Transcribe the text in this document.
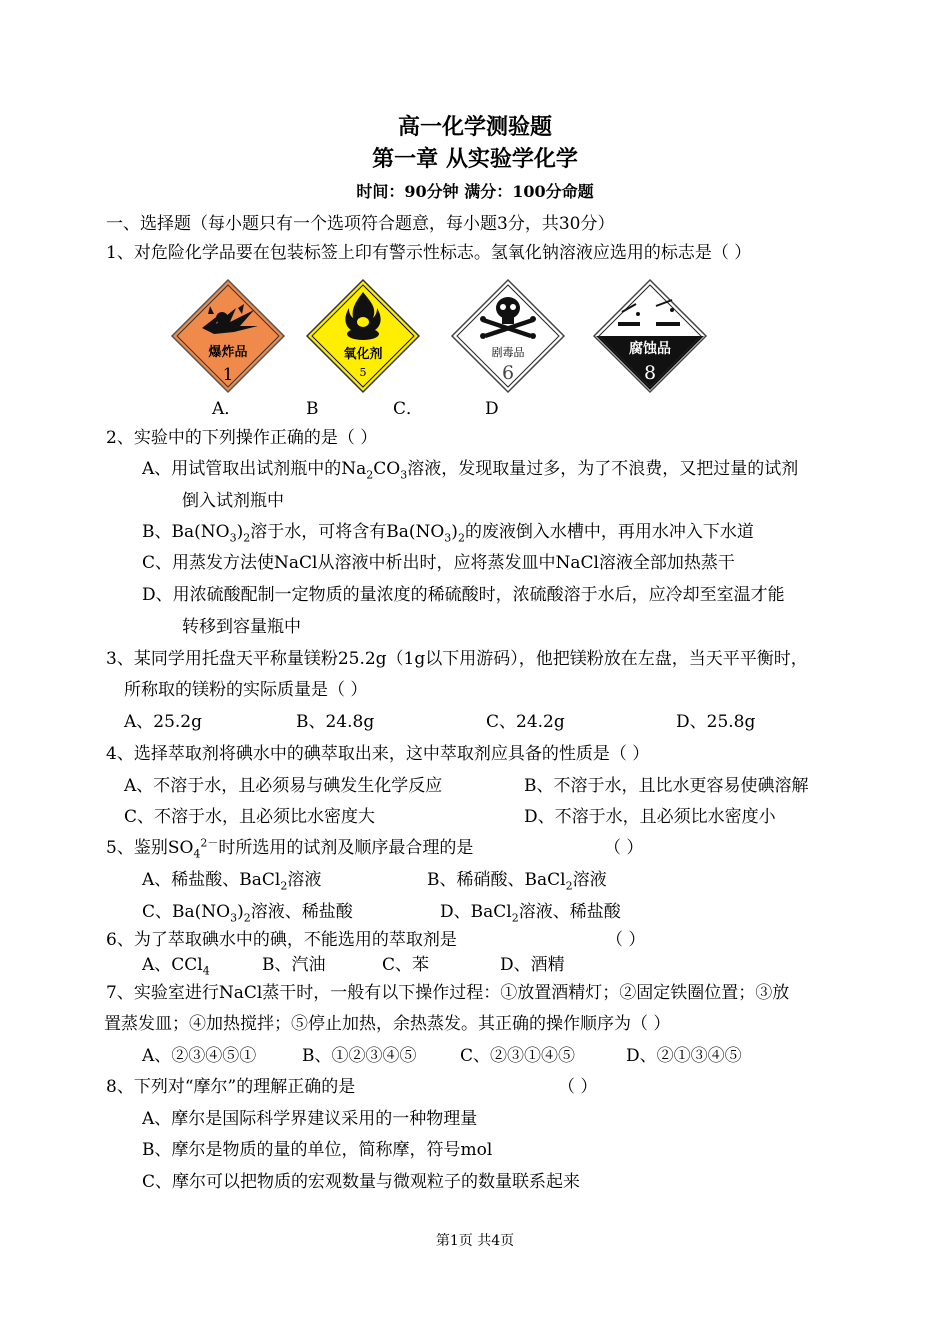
高一化学测验题
第一章 从实验学化学
时间：90分钟 满分：100分命题
一、选择题（每小题只有一个选项符合题意，每小题3分，共30分）
1、对危险化学品要在包装标签上印有警示性标志。氢氧化钠溶液应选用的标志是（ ）
爆炸品
1
氧化剂
5
剧毒品
6
腐蚀品
8
A．	B	C．	D
2、实验中的下列操作正确的是（ ）
A、用试管取出试剂瓶中的$Na_2CO_3$溶液，发现取量过多，为了不浪费，又把过量的试剂
倒入试剂瓶中
B、$Ba(NO_3)_2$溶于水，可将含有$Ba(NO_3)_2$的废液倒入水槽中，再用水冲入下水道
C、用蒸发方法使NaCl从溶液中析出时，应将蒸发皿中NaCl溶液全部加热蒸干
D、用浓硫酸配制一定物质的量浓度的稀硫酸时，浓硫酸溶于水后，应冷却至室温才能
转移到容量瓶中
3、某同学用托盘天平称量镁粉25.2g（1g以下用游码），他把镁粉放在左盘，当天平平衡时，
所称取的镁粉的实际质量是（ ）
A、25.2g	B、24.8g	C、24.2g	D、25.8g
4、选择萃取剂将碘水中的碘萃取出来，这中萃取剂应具备的性质是（ ）
A、不溶于水，且必须易与碘发生化学反应	B、不溶于水，且比水更容易使碘溶解
C、不溶于水，且必须比水密度大	D、不溶于水，且必须比水密度小
5、鉴别$SO_4^{2-}$时所选用的试剂及顺序最合理的是	（ ）
A、稀盐酸、BaCl$_2$溶液	B、稀硝酸、BaCl$_2$溶液
C、$Ba(NO_3)_2$溶液、稀盐酸	D、BaCl$_2$溶液、稀盐酸
6、为了萃取碘水中的碘，不能选用的萃取剂是	（ ）
A、CCl$_4$	B、汽油	C、苯	D、酒精
7、实验室进行NaCl蒸干时，一般有以下操作过程：①放置酒精灯；②固定铁圈位置；③放
置蒸发皿；④加热搅拌；⑤停止加热，余热蒸发。其正确的操作顺序为（ ）
A、②③④⑤①	B、①②③④⑤	C、②③①④⑤	D、②①③④⑤
8、下列对“摩尔”的理解正确的是	（ ）
A、摩尔是国际科学界建议采用的一种物理量
B、摩尔是物质的量的单位，简称摩，符号mol
C、摩尔可以把物质的宏观数量与微观粒子的数量联系起来
第1页 共4页
